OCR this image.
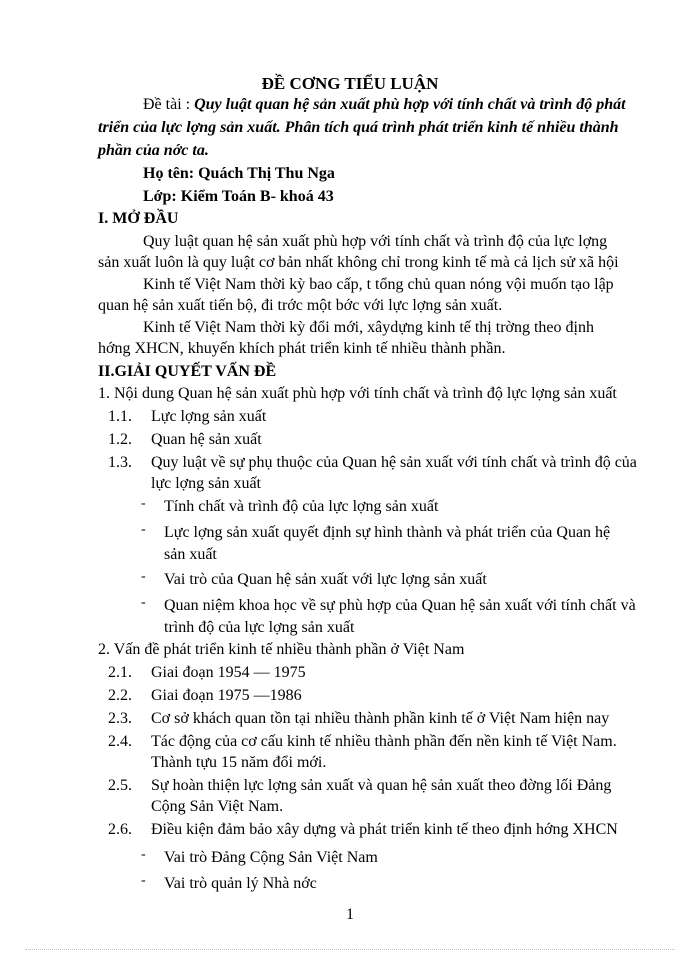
ĐỀ CƠNG TIỂU LUẬN
Đề tài : Quy luật quan hệ sản xuất phù hợp với tính chất và trình độ phát
triển của lực lợng sản xuất. Phân tích quá trình phát triển kinh tế nhiều thành
phần của nớc ta.
Họ tên: Quách Thị Thu Nga
Lớp: Kiểm Toán B- khoá 43
I. MỞ ĐẦU
Quy luật quan hệ sản xuất phù hợp với tính chất và trình độ của lực lợng
sản xuất luôn là quy luật cơ bản nhất không chỉ trong kinh tế mà cả lịch sử xã hội
Kinh tế Việt Nam thời kỳ bao cấp, t tổng chủ quan nóng vội muốn tạo lập
quan hệ sản xuất tiến bộ, đi trớc một bớc với lực lợng sản xuất.
Kinh tế Việt Nam thời kỳ đổi mới, xâydựng kinh tế thị trờng theo định
hớng XHCN, khuyến khích phát triển kinh tế nhiều thành phần.
II.GIẢI QUYẾT VẤN ĐỀ
1. Nội dung Quan hệ sản xuất phù hợp với tính chất và trình độ lực lợng sản xuất
1.1. Lực lợng sản xuất
1.2. Quan hệ sản xuất
1.3. Quy luật về sự phụ thuộc của Quan hệ sản xuất với tính chất và trình độ của
lực lợng sản xuất
- Tính chất và trình độ của lực lợng sản xuất
- Lực lợng sản xuất quyết định sự hình thành và phát triển của Quan hệ
sản xuất
- Vai trò của Quan hệ sản xuất với lực lợng sản xuất
- Quan niệm khoa học về sự phù hợp của Quan hệ sản xuất với tính chất và
trình độ của lực lợng sản xuất
2. Vấn đề phát triển kinh tế nhiều thành phần ở Việt Nam
2.1. Giai đoạn 1954 — 1975
2.2. Giai đoạn 1975 —1986
2.3. Cơ sở khách quan tồn tại nhiều thành phần kinh tế ở Việt Nam hiện nay
2.4. Tác động của cơ cấu kinh tế nhiều thành phần đến nền kinh tế Việt Nam.
Thành tựu 15 năm đổi mới.
2.5. Sự hoàn thiện lực lợng sản xuất và quan hệ sản xuất theo đờng lối Đảng
Cộng Sản Việt Nam.
2.6. Điều kiện đảm bảo xây dựng và phát triển kinh tế theo định hớng XHCN
- Vai trò Đảng Cộng Sản Việt Nam
- Vai trò quản lý Nhà nớc
1
